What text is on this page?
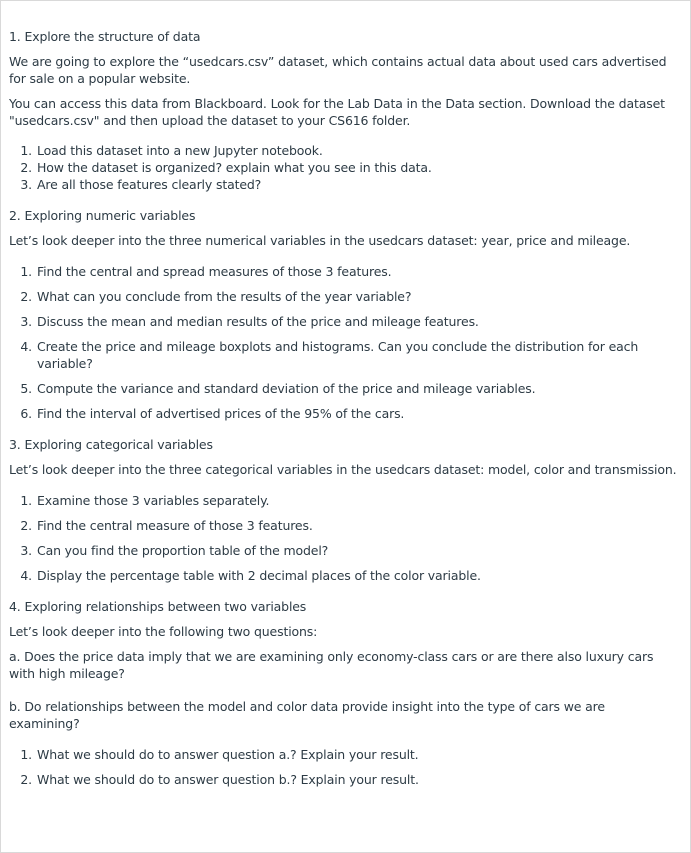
1. Explore the structure of data
We are going to explore the “usedcars.csv” dataset, which contains actual data about used cars advertised for sale on a popular website.
You can access this data from Blackboard. Look for the Lab Data in the Data section. Download the dataset "usedcars.csv" and then upload the dataset to your CS616 folder.
1. Load this dataset into a new Jupyter notebook.
2. How the dataset is organized? explain what you see in this data.
3. Are all those features clearly stated?
2. Exploring numeric variables
Let’s look deeper into the three numerical variables in the usedcars dataset: year, price and mileage.
1. Find the central and spread measures of those 3 features.
2. What can you conclude from the results of the year variable?
3. Discuss the mean and median results of the price and mileage features.
4. Create the price and mileage boxplots and histograms. Can you conclude the distribution for each variable?
5. Compute the variance and standard deviation of the price and mileage variables.
6. Find the interval of advertised prices of the 95% of the cars.
3. Exploring categorical variables
Let’s look deeper into the three categorical variables in the usedcars dataset: model, color and transmission.
1. Examine those 3 variables separately.
2. Find the central measure of those 3 features.
3. Can you find the proportion table of the model?
4. Display the percentage table with 2 decimal places of the color variable.
4. Exploring relationships between two variables
Let’s look deeper into the following two questions:
a. Does the price data imply that we are examining only economy-class cars or are there also luxury cars with high mileage?
b. Do relationships between the model and color data provide insight into the type of cars we are examining?
1. What we should do to answer question a.? Explain your result.
2. What we should do to answer question b.? Explain your result.
